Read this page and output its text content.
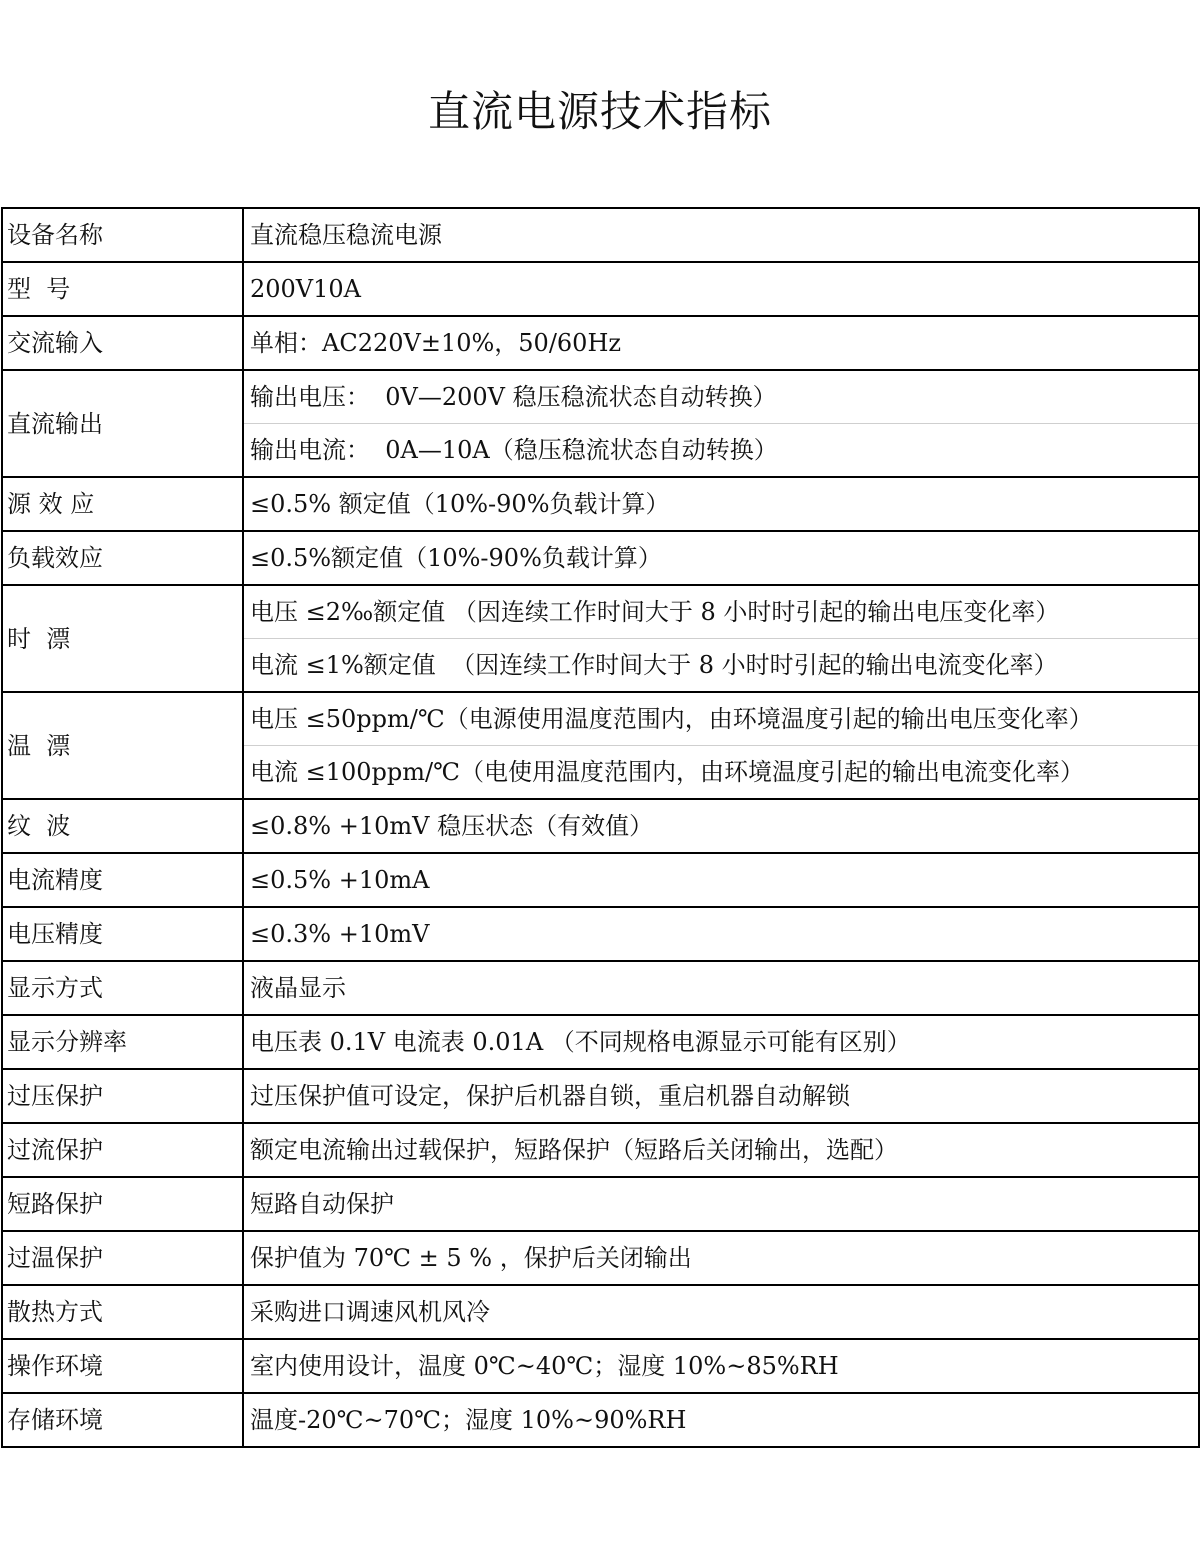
直流电源技术指标
设备名称	直流稳压稳流电源
型  号	200V10A
交流输入	单相：AC220V±10%，50/60Hz
直流输出	输出电压：  0V—200V 稳压稳流状态自动转换）
	输出电流：  0A—10A（稳压稳流状态自动转换）
源 效 应	≤0.5% 额定值（10%-90%负载计算）
负载效应	≤0.5%额定值（10%-90%负载计算）
时  漂	电压 ≤2‰额定值 （因连续工作时间大于 8 小时时引起的输出电压变化率）
	电流 ≤1%额定值  （因连续工作时间大于 8 小时时引起的输出电流变化率）
温  漂	电压 ≤50ppm/℃（电源使用温度范围内，由环境温度引起的输出电压变化率）
	电流 ≤100ppm/℃（电使用温度范围内，由环境温度引起的输出电流变化率）
纹  波	≤0.8% +10mV 稳压状态（有效值）
电流精度	≤0.5% +10mA
电压精度	≤0.3% +10mV
显示方式	液晶显示
显示分辨率	电压表 0.1V 电流表 0.01A （不同规格电源显示可能有区别）
过压保护	过压保护值可设定，保护后机器自锁，重启机器自动解锁
过流保护	额定电流输出过载保护，短路保护（短路后关闭输出，选配）
短路保护	短路自动保护
过温保护	保护值为 70℃ ± 5 % ，保护后关闭输出
散热方式	采购进口调速风机风冷
操作环境	室内使用设计，温度 0℃~40℃；湿度 10%~85%RH
存储环境	温度-20℃~70℃；湿度 10%~90%RH
